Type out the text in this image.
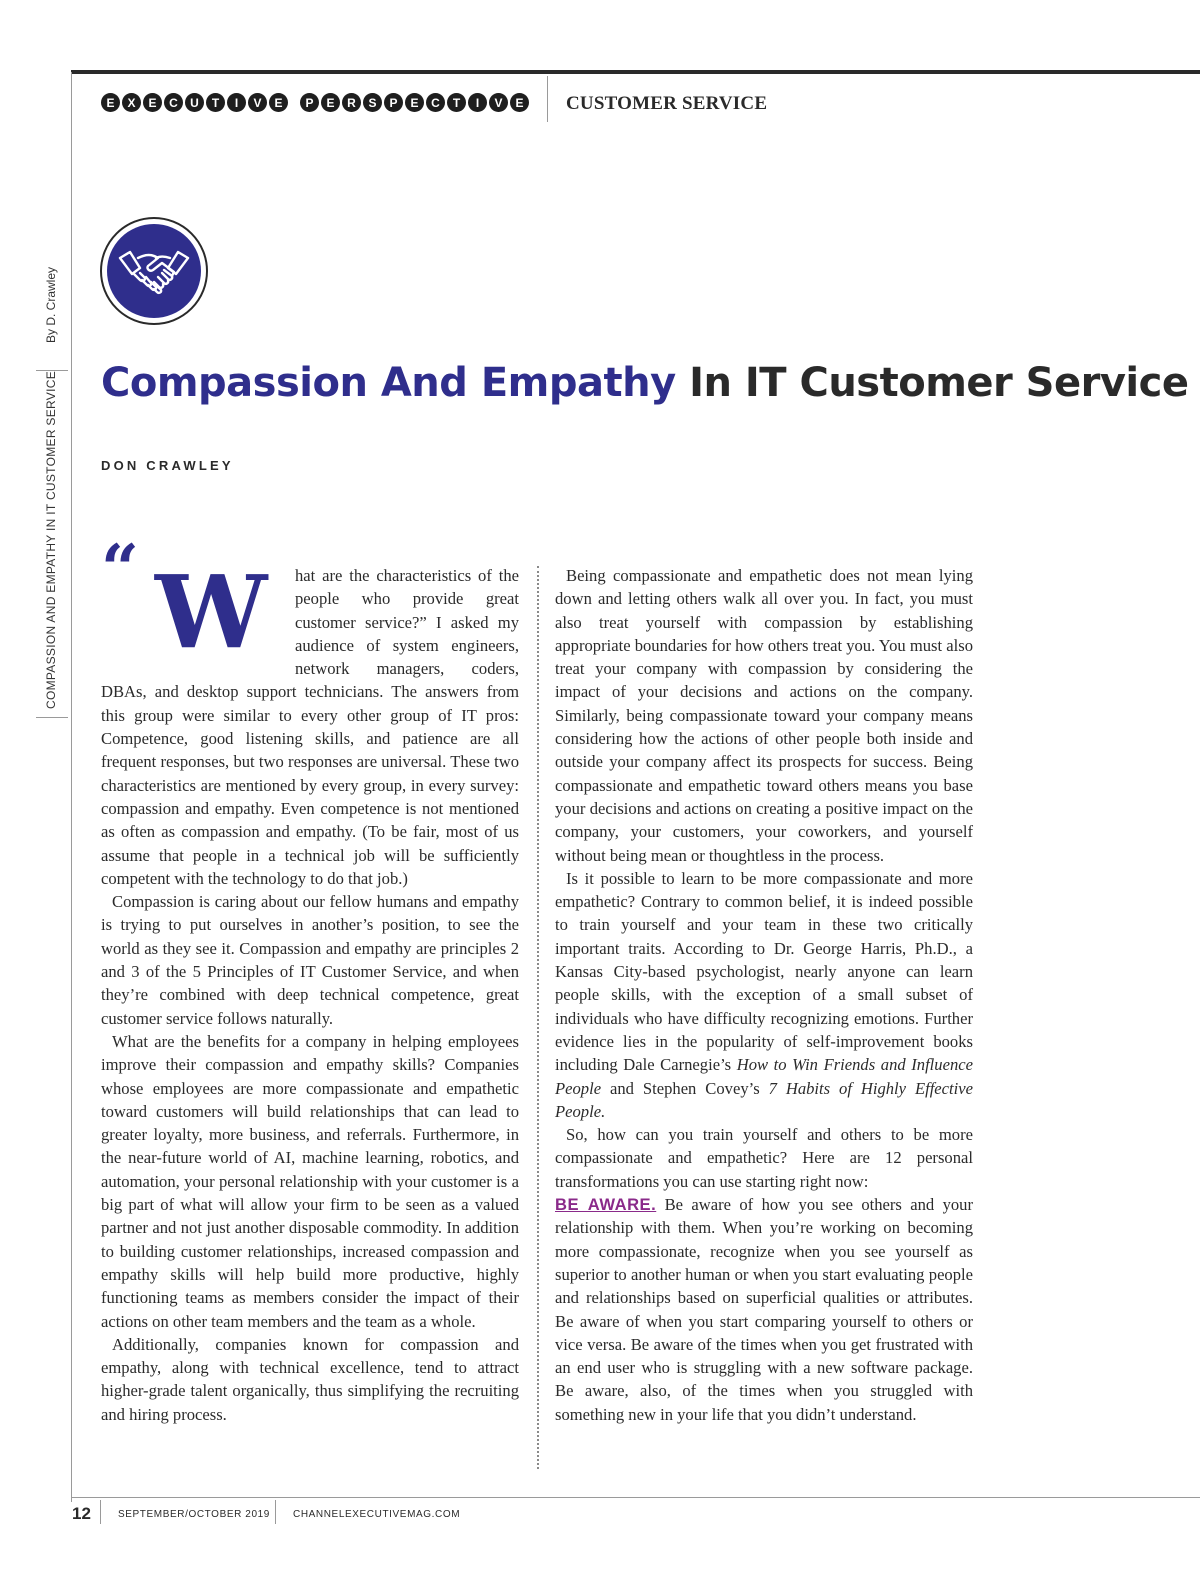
E	X	E	C	U	T	I	V	E	P	E	R	S	P	E	C	T	I	V	E CUSTOMER SERVICE
By D. Crawley
COMPASSION AND EMPATHY IN IT CUSTOMER SERVICE Compassion And Empathy In IT Customer Service
DON CRAWLEY
“ W	hat are the characteristics of the people who provide great customer service?” I asked my audience of system engineers, network managers, coders, DBAs, and desktop support technicians. The answers from this group were similar to every other group of IT pros: Competence, good listening skills, and patience are all frequent responses, but two responses are universal. These two characteristics are mentioned by every group, in every survey: compassion and empathy. Even competence is not mentioned as often as compassion and empathy. (To be fair, most of us assume that people in a technical job will be sufficiently competent with the technology to do that job.)

Compassion is caring about our fellow humans and empathy is trying to put ourselves in another’s position, to see the world as they see it. Compassion and empathy are principles 2 and 3 of the 5 Principles of IT Customer Service, and when they’re combined with deep technical competence, great customer service follows naturally.

What are the benefits for a company in helping employees improve their compassion and empathy skills? Companies whose employees are more compassionate and empathetic toward customers will build relationships that can lead to greater loyalty, more business, and referrals. Furthermore, in the near-future world of AI, machine learning, robotics, and automation, your personal relationship with your customer is a big part of what will allow your firm to be seen as a valued partner and not just another disposable commodity. In addition to building customer relationships, increased compassion and empathy skills will help build more productive, highly functioning teams as members consider the impact of their actions on other team members and the team as a whole.

Additionally, companies known for compassion and empathy, along with technical excellence, tend to attract higher-grade talent organically, thus simplifying the recruiting and hiring process.

Being compassionate and empathetic does not mean lying down and letting others walk all over you. In fact, you must also treat yourself with compassion by establishing appropriate boundaries for how others treat you. You must also treat your company with compassion by considering the impact of your decisions and actions on the company. Similarly, being compassionate toward your company means considering how the actions of other people both inside and outside your company affect its prospects for success. Being compassionate and empathetic toward others means you base your decisions and actions on creating a positive impact on the company, your customers, your coworkers, and yourself without being mean or thoughtless in the process.

Is it possible to learn to be more compassionate and more empathetic? Contrary to common belief, it is indeed possible to train yourself and your team in these two critically important traits. According to Dr. George Harris, Ph.D., a Kansas City-based psychologist, nearly anyone can learn people skills, with the exception of a small subset of individuals who have difficulty recognizing emotions. Further evidence lies in the popularity of self-improvement books including Dale Carnegie’s How to Win Friends and Influence People and Stephen Covey’s 7 Habits of Highly Effective People.

So, how can you train yourself and others to be more compassionate and empathetic? Here are 12 personal transformations you can use starting right now:

BE AWARE. Be aware of how you see others and your relationship with them. When you’re working on becoming more compassionate, recognize when you see yourself as superior to another human or when you start evaluating people and relationships based on superficial qualities or attributes. Be aware of when you start comparing yourself to others or vice versa. Be aware of the times when you get frustrated with an end user who is struggling with a new software package. Be aware, also, of the times when you struggled with something new in your life that you didn’t understand.

12	SEPTEMBER/OCTOBER 2019 CHANNELEXECUTIVEMAG.COM
